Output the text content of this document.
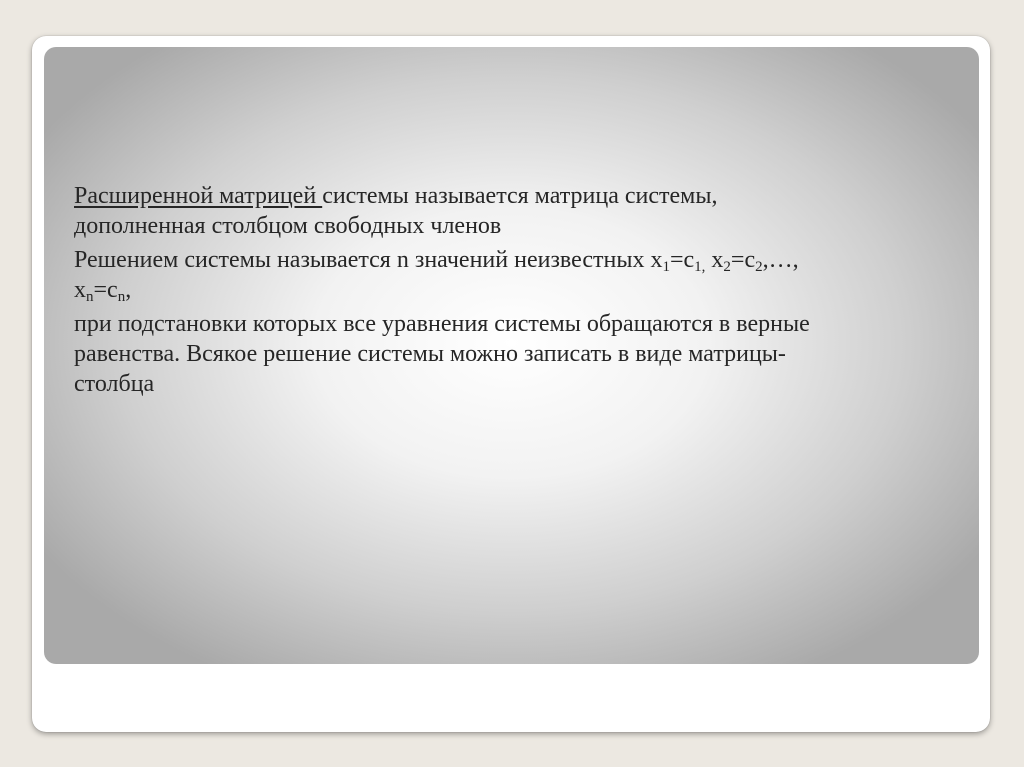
Расширенной матрицей системы называется матрица системы,
дополненная столбцом свободных членов

Решением системы называется n значений неизвестных $x_1=c_{1,}$ $x_2=c_2,\dots$,
$x_n=c_n$,

при подстановки которых все уравнения системы обращаются в верные
равенства. Всякое решение системы можно записать в виде матрицы-
столбца
